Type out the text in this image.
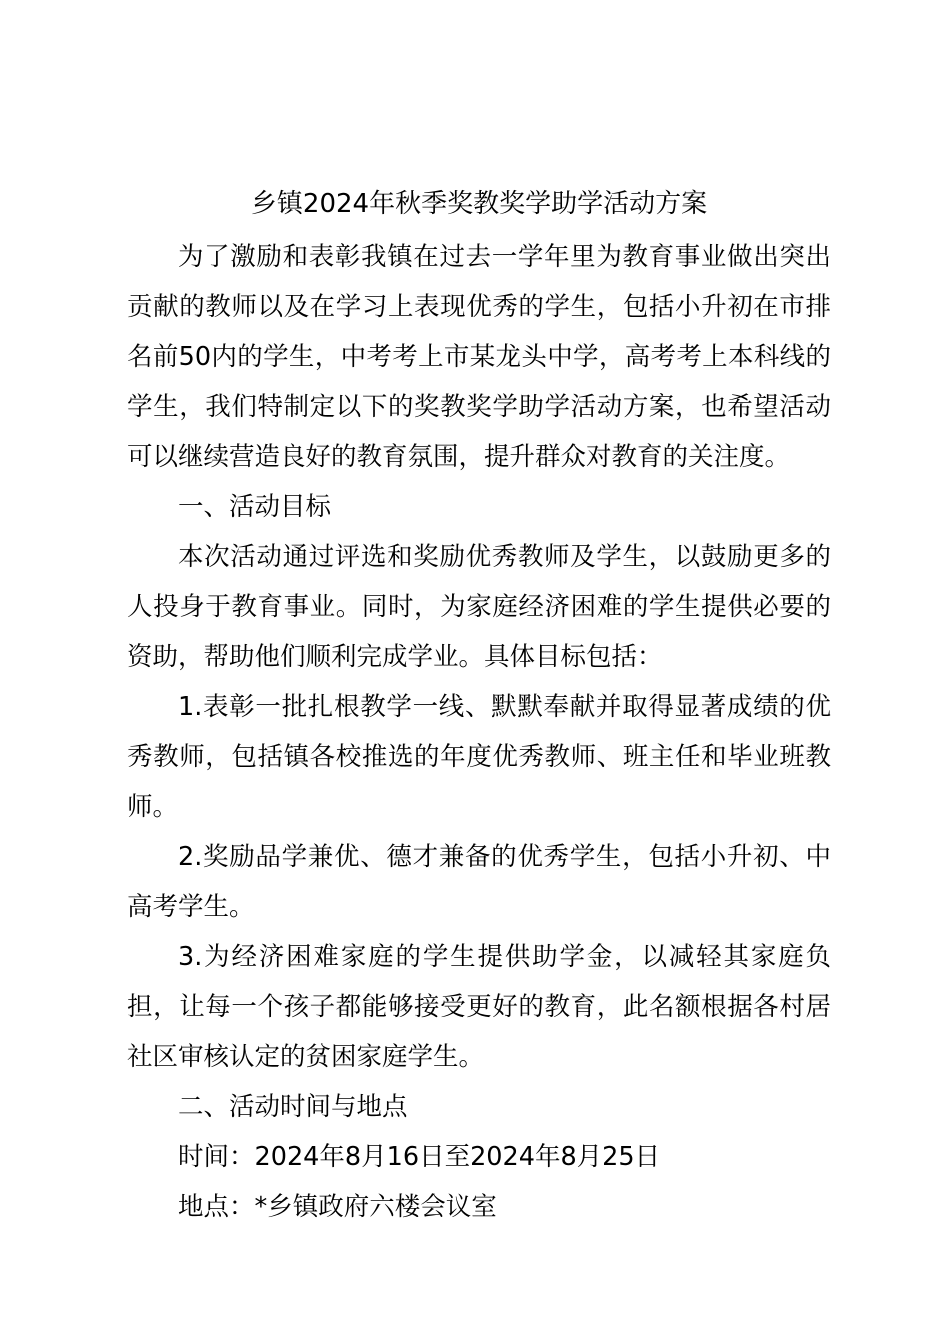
乡镇2024年秋季奖教奖学助学活动方案

为了激励和表彰我镇在过去一学年里为教育事业做出突出贡献的教师以及在学习上表现优秀的学生，包括小升初在市排名前50内的学生，中考考上市某龙头中学，高考考上本科线的学生，我们特制定以下的奖教奖学助学活动方案，也希望活动可以继续营造良好的教育氛围，提升群众对教育的关注度。

一、活动目标

本次活动通过评选和奖励优秀教师及学生，以鼓励更多的人投身于教育事业。同时，为家庭经济困难的学生提供必要的资助，帮助他们顺利完成学业。具体目标包括：

1.表彰一批扎根教学一线、默默奉献并取得显著成绩的优秀教师，包括镇各校推选的年度优秀教师、班主任和毕业班教师。

2.奖励品学兼优、德才兼备的优秀学生，包括小升初、中高考学生。

3.为经济困难家庭的学生提供助学金，以减轻其家庭负担，让每一个孩子都能够接受更好的教育，此名额根据各村居社区审核认定的贫困家庭学生。

二、活动时间与地点

时间：2024年8月16日至2024年8月25日

地点：*乡镇政府六楼会议室
